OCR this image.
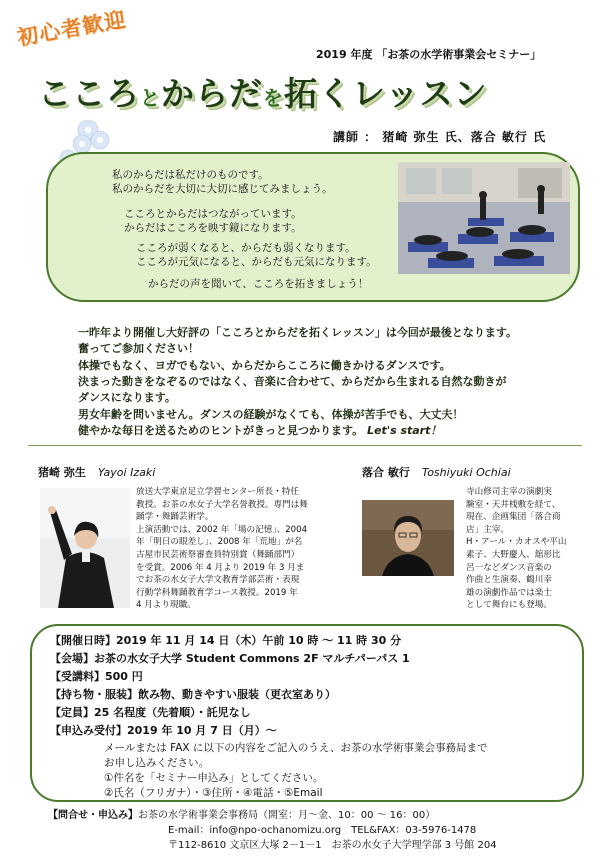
初心者歓迎
2019 年度 「お茶の水学術事業会セミナー」
こころとからだを拓くレッスン
講師 ： 猪崎 弥生 氏、落合 敏行 氏
私のからだは私だけのものです。
私のからだを大切に大切に感じてみましょう。
こころとからだはつながっています。
からだはこころを映す鏡になります。
こころが弱くなると、からだも弱くなります。
こころが元気になると、からだも元気になります。
からだの声を聞いて、こころを拓きましょう！
一昨年より開催し大好評の「こころとからだを拓くレッスン」は今回が最後となります。
奮ってご参加ください！
体操でもなく、ヨガでもない、からだからこころに働きかけるダンスです。
決まった動きをなぞるのではなく、音楽に合わせて、からだから生まれる自然な動きが
ダンスになります。
男女年齢を問いません。ダンスの経験がなくても、体操が苦手でも、大丈夫！
健やかな毎日を送るためのヒントがきっと見つかります。 Let's start！
猪崎 弥生 Yayoi Izaki
放送大学東京足立学習センター所長・特任
教授。お茶の水女子大学名誉教授。専門は舞
踊学・舞踊芸術学。
上演活動では、2002 年「場の記憶」、2004
年「明日の眼差し」、2008 年「荒地」が名
古屋市民芸術祭審査員特別賞（舞踊部門）
を受賞。2006 年 4 月より 2019 年 3 月ま
でお茶の水女子大学文教育学部芸術・表現
行動学科舞踊教育学コース教授。2019 年
4 月より現職。
落合 敏行 Toshiyuki Ochiai
寺山修司主宰の演劇実
験室・天井桟敷を経て、
現在、企画集団「落合商
店」主宰。
H・アール・カオスや平山
素子、大野慶人、舘形比
呂一などダンス音楽の
作曲と生演奏、鶴川幸
雄の演劇作品では楽士
として舞台にも登場。
【開催日時】2019 年 11 月 14 日（木）午前 10 時 ～ 11 時 30 分
【会場】お茶の水女子大学 Student Commons 2F マルチパーパス 1
【受講料】500 円
【持ち物・服装】飲み物、動きやすい服装（更衣室あり）
【定員】25 名程度（先着順）・託児なし
【申込み受付】2019 年 10 月 7 日（月）～
メールまたは FAX に以下の内容をご記入のうえ、お茶の水学術事業会事務局まで
お申し込みください。
①件名を「セミナー申込み」としてください。
②氏名（フリガナ）・③住所・④電話・⑤Email
【問合せ・申込み】お茶の水学術事業会事務局（開室：月～金、10：00 ～ 16：00）
E-mail：info@npo-ochanomizu.org　TEL&FAX：03-5976-1478
〒112-8610 文京区大塚 2－1－1　お茶の水女子大学理学部 3 号館 204
